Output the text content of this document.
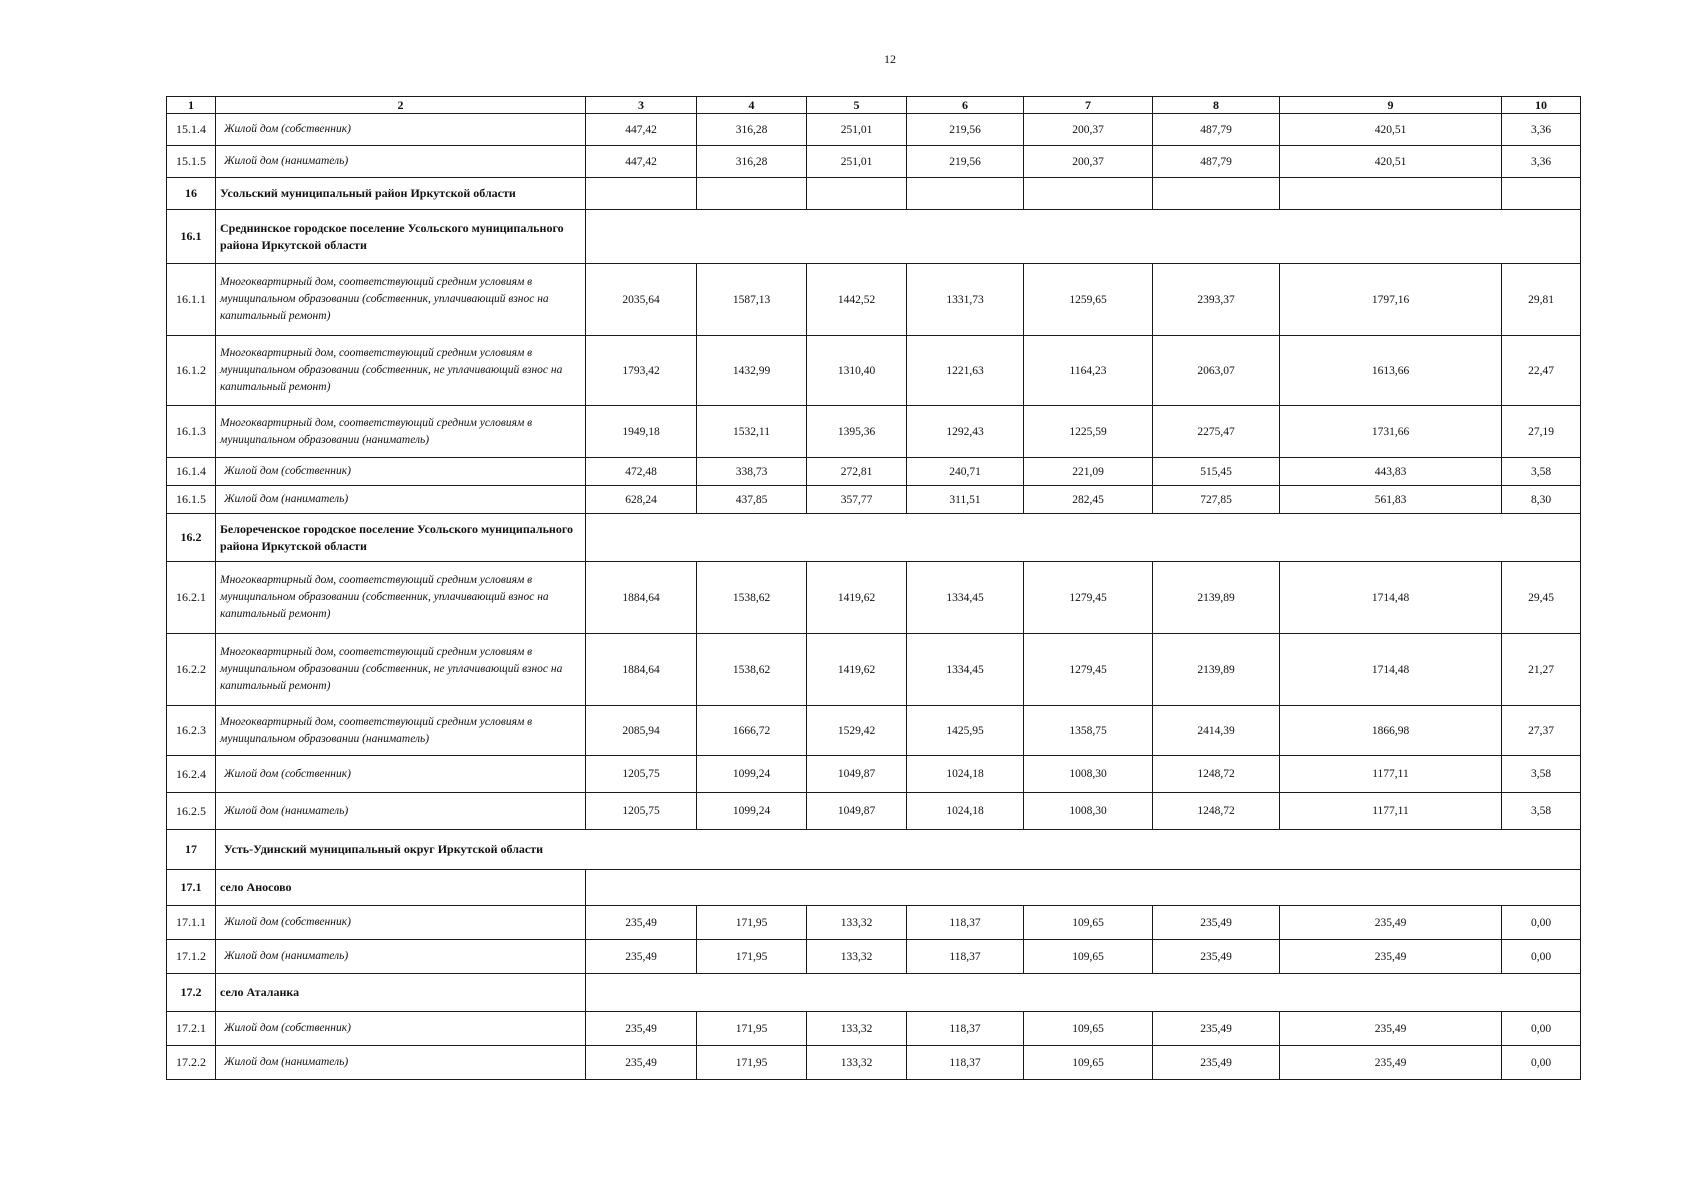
12
1	2	3	4	5	6	7	8	9	10
15.1.4	Жилой дом (собственник)	447,42	316,28	251,01	219,56	200,37	487,79	420,51	3,36
15.1.5	Жилой дом (наниматель)	447,42	316,28	251,01	219,56	200,37	487,79	420,51	3,36
16	Усольский муниципальный район Иркутской области								
16.1	Среднинское городское поселение Усольского муниципального района Иркутской области								
16.1.1	Многоквартирный дом, соответствующий средним условиям в муниципальном образовании (собственник, уплачивающий взнос на капитальный ремонт)	2035,64	1587,13	1442,52	1331,73	1259,65	2393,37	1797,16	29,81
16.1.2	Многоквартирный дом, соответствующий средним условиям в муниципальном образовании (собственник, не уплачивающий взнос на капитальный ремонт)	1793,42	1432,99	1310,40	1221,63	1164,23	2063,07	1613,66	22,47
16.1.3	Многоквартирный дом, соответствующий средним условиям в муниципальном образовании (наниматель)	1949,18	1532,11	1395,36	1292,43	1225,59	2275,47	1731,66	27,19
16.1.4	Жилой дом (собственник)	472,48	338,73	272,81	240,71	221,09	515,45	443,83	3,58
16.1.5	Жилой дом (наниматель)	628,24	437,85	357,77	311,51	282,45	727,85	561,83	8,30
16.2	Белореченское городское поселение Усольского муниципального района Иркутской области								
16.2.1	Многоквартирный дом, соответствующий средним условиям в муниципальном образовании (собственник, уплачивающий взнос на капитальный ремонт)	1884,64	1538,62	1419,62	1334,45	1279,45	2139,89	1714,48	29,45
16.2.2	Многоквартирный дом, соответствующий средним условиям в муниципальном образовании (собственник, не уплачивающий взнос на капитальный ремонт)	1884,64	1538,62	1419,62	1334,45	1279,45	2139,89	1714,48	21,27
16.2.3	Многоквартирный дом, соответствующий средним условиям в муниципальном образовании (наниматель)	2085,94	1666,72	1529,42	1425,95	1358,75	2414,39	1866,98	27,37
16.2.4	Жилой дом (собственник)	1205,75	1099,24	1049,87	1024,18	1008,30	1248,72	1177,11	3,58
16.2.5	Жилой дом (наниматель)	1205,75	1099,24	1049,87	1024,18	1008,30	1248,72	1177,11	3,58
17	Усть-Удинский муниципальный округ Иркутской области								
17.1	село Аносово								
17.1.1	Жилой дом (собственник)	235,49	171,95	133,32	118,37	109,65	235,49	235,49	0,00
17.1.2	Жилой дом (наниматель)	235,49	171,95	133,32	118,37	109,65	235,49	235,49	0,00
17.2	село Аталанка								
17.2.1	Жилой дом (собственник)	235,49	171,95	133,32	118,37	109,65	235,49	235,49	0,00
17.2.2	Жилой дом (наниматель)	235,49	171,95	133,32	118,37	109,65	235,49	235,49	0,00
